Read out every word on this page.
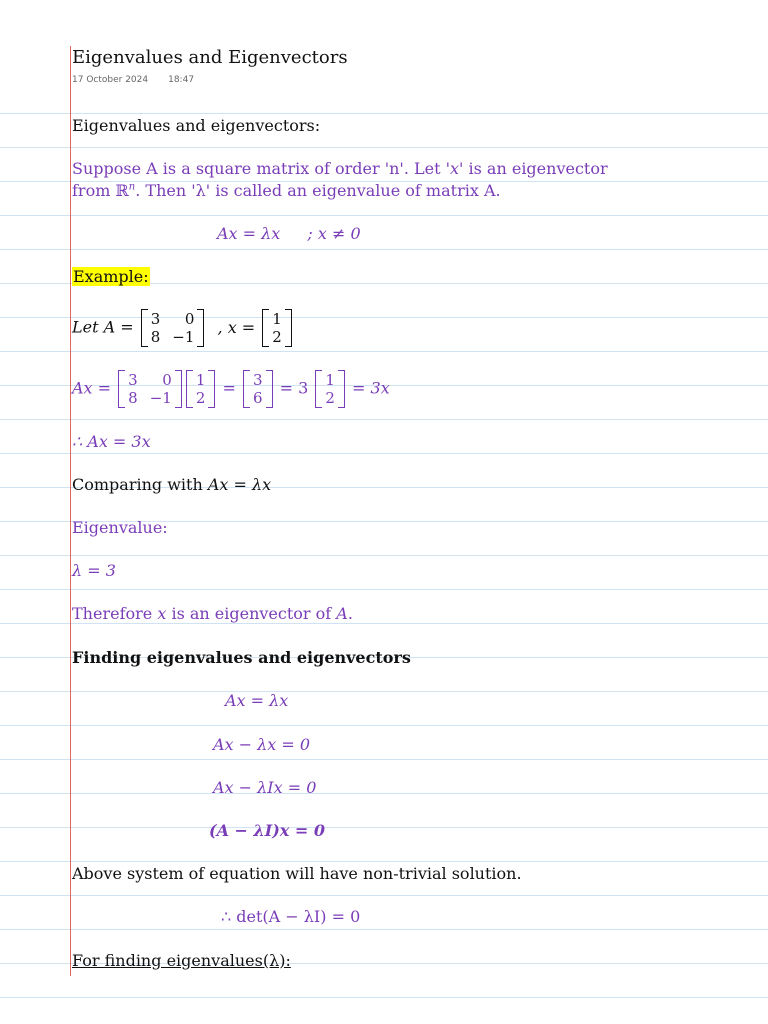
Eigenvalues and Eigenvectors
17 October 2024 18:47
Eigenvalues and eigenvectors:
Suppose A is a square matrix of order 'n'. Let '𝑥' is an eigenvector
from ℝ$^n$. Then 'λ' is called an eigenvalue of matrix A.
Ax = λx ; x ≠ 0
Example:
Let A = 3
8
0
−1
, x = 1
2
Ax = 3
8
0
−1
1
2
= 3
6
= 3 1
2
= 3x
∴ Ax = 3x
Comparing with Ax = λx
Eigenvalue:
λ = 3
Therefore x is an eigenvector of A.
Finding eigenvalues and eigenvectors
Ax = λx
Ax − λx = 0
Ax − λIx = 0
(A − λI)x = 0
Above system of equation will have non-trivial solution.
∴ det(A − λI) = 0
For finding eigenvalues(λ):
